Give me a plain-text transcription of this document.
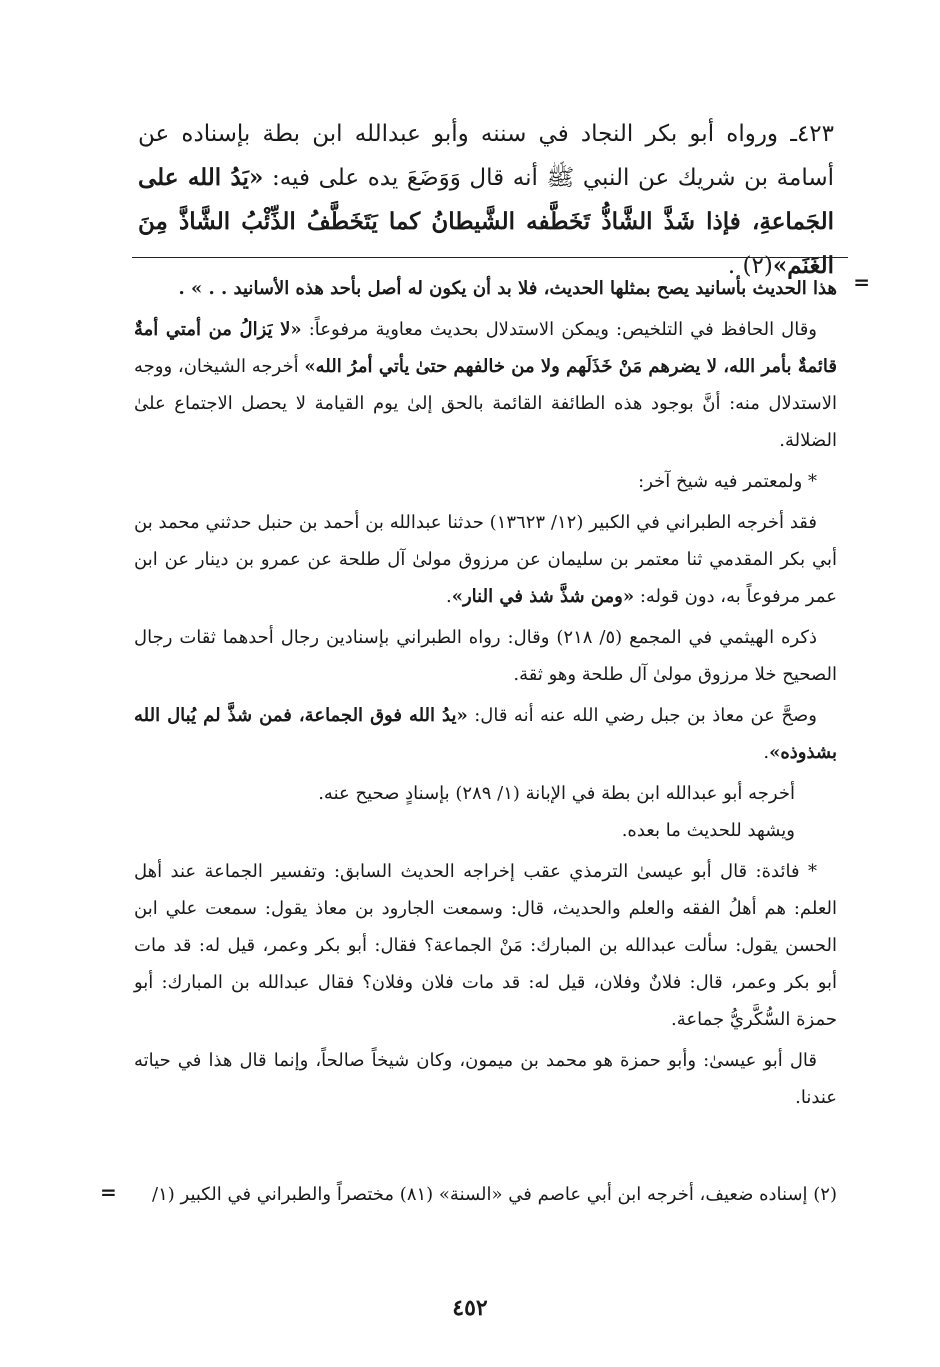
٤٢٣ـ ورواه أبو بكر النجاد في سننه وأبو عبدالله ابن بطة بإسناده عن أسامة بن شريك عن النبي ﷺ أنه قال وَوَضَعَ يده على فيه: «يَدُ الله على الجَماعةِ، فإذا شَذَّ الشَّاذُّ تَخَطَّفه الشَّيطانُ كما يَتَخَطَّفُ الذِّئْبُ الشَّاذَّ مِنَ الغَنَم»(٢) .
=

هذا الحديث بأسانيد يصح بمثلها الحديث، فلا بد أن يكون له أصل بأحد هذه الأسانيد . . » .

وقال الحافظ في التلخيص: ويمكن الاستدلال بحديث معاوية مرفوعاً: «لا يَزالُ من أمتي أمةٌ قائمةٌ بأمر الله، لا يضرهم مَنْ خَذَلَهم ولا من خالفهم حتىٰ يأتي أمرُ الله» أخرجه الشيخان، ووجه الاستدلال منه: أنَّ بوجود هذه الطائفة القائمة بالحق إلىٰ يوم القيامة لا يحصل الاجتماع علىٰ الضلالة.

* ولمعتمر فيه شيخ آخر:

فقد أخرجه الطبراني في الكبير (١٢/ ١٣٦٢٣) حدثنا عبدالله بن أحمد بن حنبل حدثني محمد بن أبي بكر المقدمي ثنا معتمر بن سليمان عن مرزوق مولىٰ آل طلحة عن عمرو بن دينار عن ابن عمر مرفوعاً به، دون قوله: «ومن شذَّ شذ في النار».

ذكره الهيثمي في المجمع (٥/ ٢١٨) وقال: رواه الطبراني بإسنادين رجال أحدهما ثقات رجال الصحيح خلا مرزوق مولىٰ آل طلحة وهو ثقة.

وصحَّ عن معاذ بن جبل رضي الله عنه أنه قال: «يدُ الله فوق الجماعة، فمن شذَّ لم يُبال الله بشذوذه».

أخرجه أبو عبدالله ابن بطة في الإبانة (١/ ٢٨٩) بإسنادٍ صحيح عنه.

ويشهد للحديث ما بعده.

* فائدة: قال أبو عيسىٰ الترمذي عقب إخراجه الحديث السابق: وتفسير الجماعة عند أهل العلم: هم أهلُ الفقه والعلم والحديث، قال: وسمعت الجارود بن معاذ يقول: سمعت علي ابن الحسن يقول: سألت عبدالله بن المبارك: مَنْ الجماعة؟ فقال: أبو بكر وعمر، قيل له: قد مات أبو بكر وعمر، قال: فلانٌ وفلان، قيل له: قد مات فلان وفلان؟ فقال عبدالله بن المبارك: أبو حمزة السُّكَّريُّ جماعة.

قال أبو عيسىٰ: وأبو حمزة هو محمد بن ميمون، وكان شيخاً صالحاً، وإنما قال هذا في حياته عندنا.

(٢) إسناده ضعيف، أخرجه ابن أبي عاصم في «السنة» (٨١) مختصراً والطبراني في الكبير (١/
=
٤٥٢
